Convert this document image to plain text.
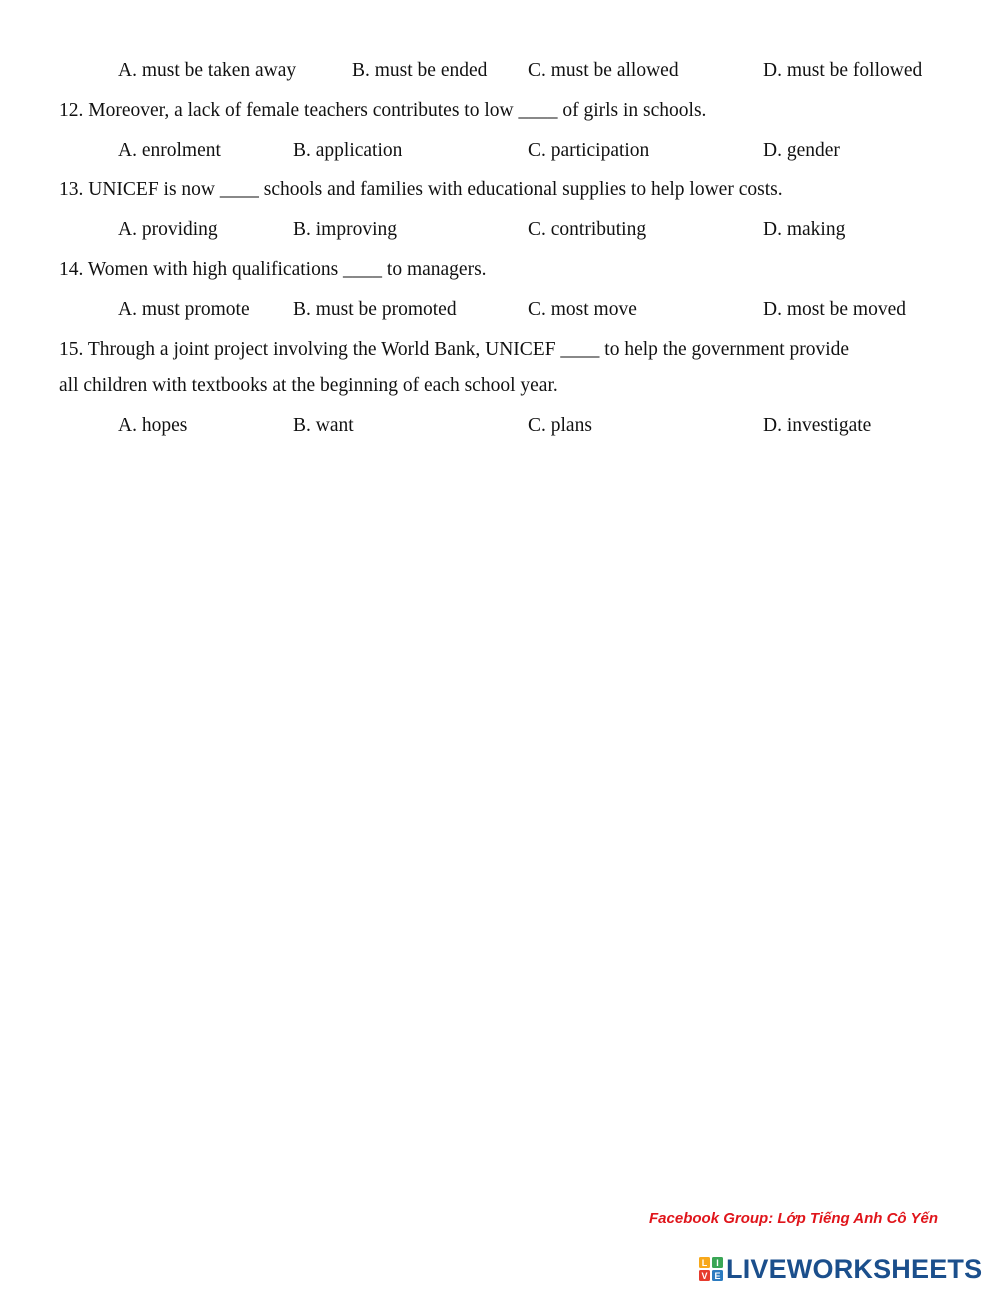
A. must be taken away	B. must be ended C. must be allowed	D. must be followed
12. Moreover, a lack of female teachers contributes to low ____ of girls in schools.
A. enrolment	B. application	C. participation	D. gender
13. UNICEF is now ____ schools and families with educational supplies to help lower costs.
A. providing	B. improving	C. contributing	D. making
14. Women with high qualifications ____ to managers.
A. must promote B. must be promoted	C. most move	D. most be moved
15. Through a joint project involving the World Bank, UNICEF ____ to help the government provide
all children with textbooks at the beginning of each school year.
A. hopes	B. want	C. plans	D. investigate
Facebook Group: Lớp Tiếng Anh Cô Yến
L I
V E LIVEWORKSHEETS
